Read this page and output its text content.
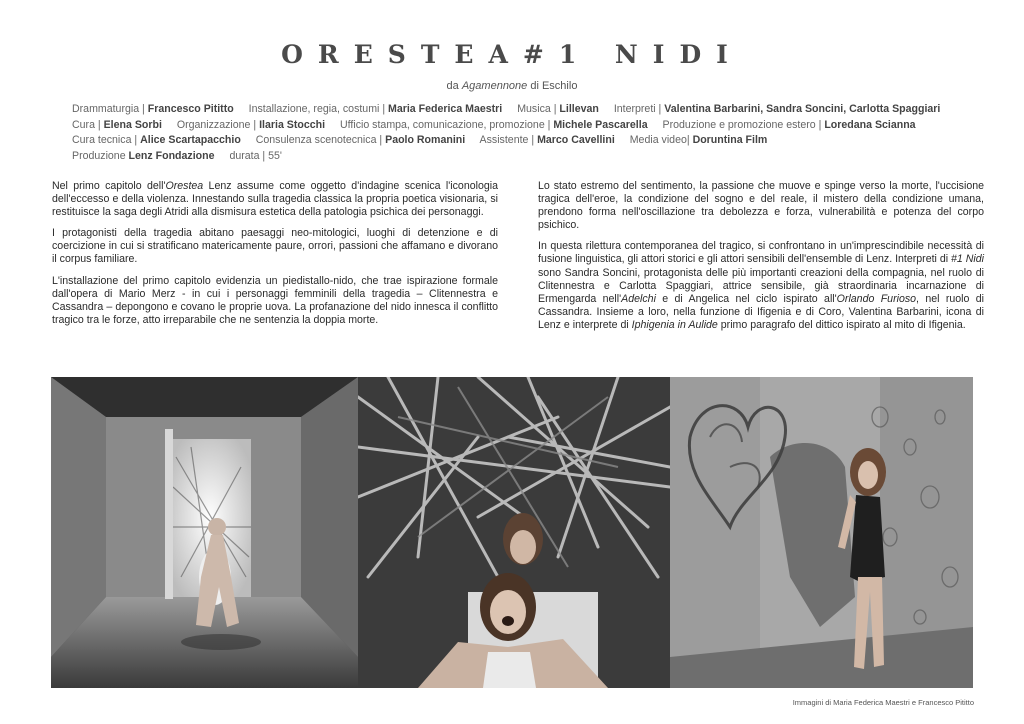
ORESTEA#1 NIDI
da Agamennone di Eschilo
Drammaturgia | Francesco Pititto Installazione, regia, costumi | Maria Federica Maestri Musica | Lillevan Interpreti | Valentina Barbarini, Sandra Soncini, Carlotta Spaggiari
Cura | Elena Sorbi Organizzazione | Ilaria Stocchi Ufficio stampa, comunicazione, promozione | Michele Pascarella Produzione e promozione estero | Loredana Scianna
Cura tecnica | Alice Scartapacchio Consulenza scenotecnica | Paolo Romanini Assistente | Marco Cavellini Media video| Doruntina Film
Produzione Lenz Fondazione durata | 55'

Nel primo capitolo dell'Orestea Lenz assume come oggetto d'indagine scenica l'iconologia dell'eccesso e della violenza. Innestando sulla tragedia classica la propria poetica visionaria, si restituisce la saga degli Atridi alla dismisura estetica della patologia psichica dei personaggi.

I protagonisti della tragedia abitano paesaggi neo-mitologici, luoghi di detenzione e di coercizione in cui si stratificano matericamente paure, orrori, passioni che affamano e divorano il corpus familiare.

L'installazione del primo capitolo evidenzia un piedistallo-nido, che trae ispirazione formale dall'opera di Mario Merz - in cui i personaggi femminili della tragedia – Clitennestra e Cassandra – depongono e covano le proprie uova. La profanazione del nido innesca il conflitto tragico tra le forze, atto irreparabile che ne sentenzia la doppia morte.

Lo stato estremo del sentimento, la passione che muove e spinge verso la morte, l'uccisione tragica dell'eroe, la condizione del sogno e del reale, il mistero della condizione umana, prendono forma nell'oscillazione tra debolezza e forza, vulnerabilità e potenza del corpo psichico.

In questa rilettura contemporanea del tragico, si confrontano in un'imprescindibile necessità di fusione linguistica, gli attori storici e gli attori sensibili dell'ensemble di Lenz. Interpreti di #1 Nidi sono Sandra Soncini, protagonista delle più importanti creazioni della compagnia, nel ruolo di Clitennestra e Carlotta Spaggiari, attrice sensibile, già straordinaria incarnazione di Ermengarda nell'Adelchi e di Angelica nel ciclo ispirato all'Orlando Furioso, nel ruolo di Cassandra. Insieme a loro, nella funzione di Ifigenia e di Coro, Valentina Barbarini, icona di Lenz e interprete di Iphigenia in Aulide primo paragrafo del dittico ispirato al mito di Ifigenia.

Immagini di Maria Federica Maestri e Francesco Pititto
